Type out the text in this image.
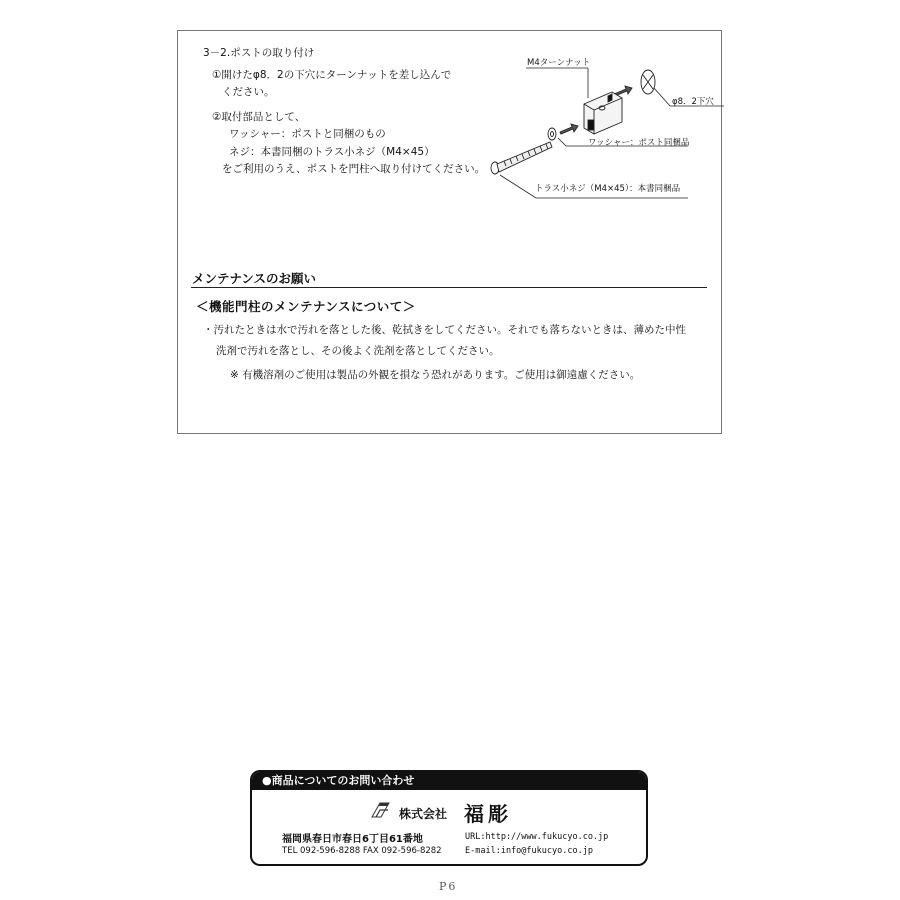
3－2.ポストの取り付け
①開けたφ8．2の下穴にターンナットを差し込んで
ください。
②取付部品として、
ワッシャー：ポストと同梱のもの
ネジ：本書同梱のトラス小ネジ（M4×45）
をご利用のうえ、ポストを門柱へ取り付けてください。
M4ターンナット
φ8．2下穴
ワッシャー：ポスト同梱品
トラス小ネジ（M4×45）：本書同梱品
メンテナンスのお願い
＜機能門柱のメンテナンスについて＞
・汚れたときは水で汚れを落とした後、乾拭きをしてください。それでも落ちないときは、薄めた中性
洗剤で汚れを落とし、その後よく洗剤を落としてください。
※ 有機溶剤のご使用は製品の外観を損なう恐れがあります。ご使用は御遠慮ください。
●商品についてのお問い合わせ
株式会社 福彫
福岡県春日市春日6丁目61番地
TEL 092-596-8288 FAX 092-596-8282
URL:http://www.fukucyo.co.jp
E-mail:info@fukucyo.co.jp
P6
